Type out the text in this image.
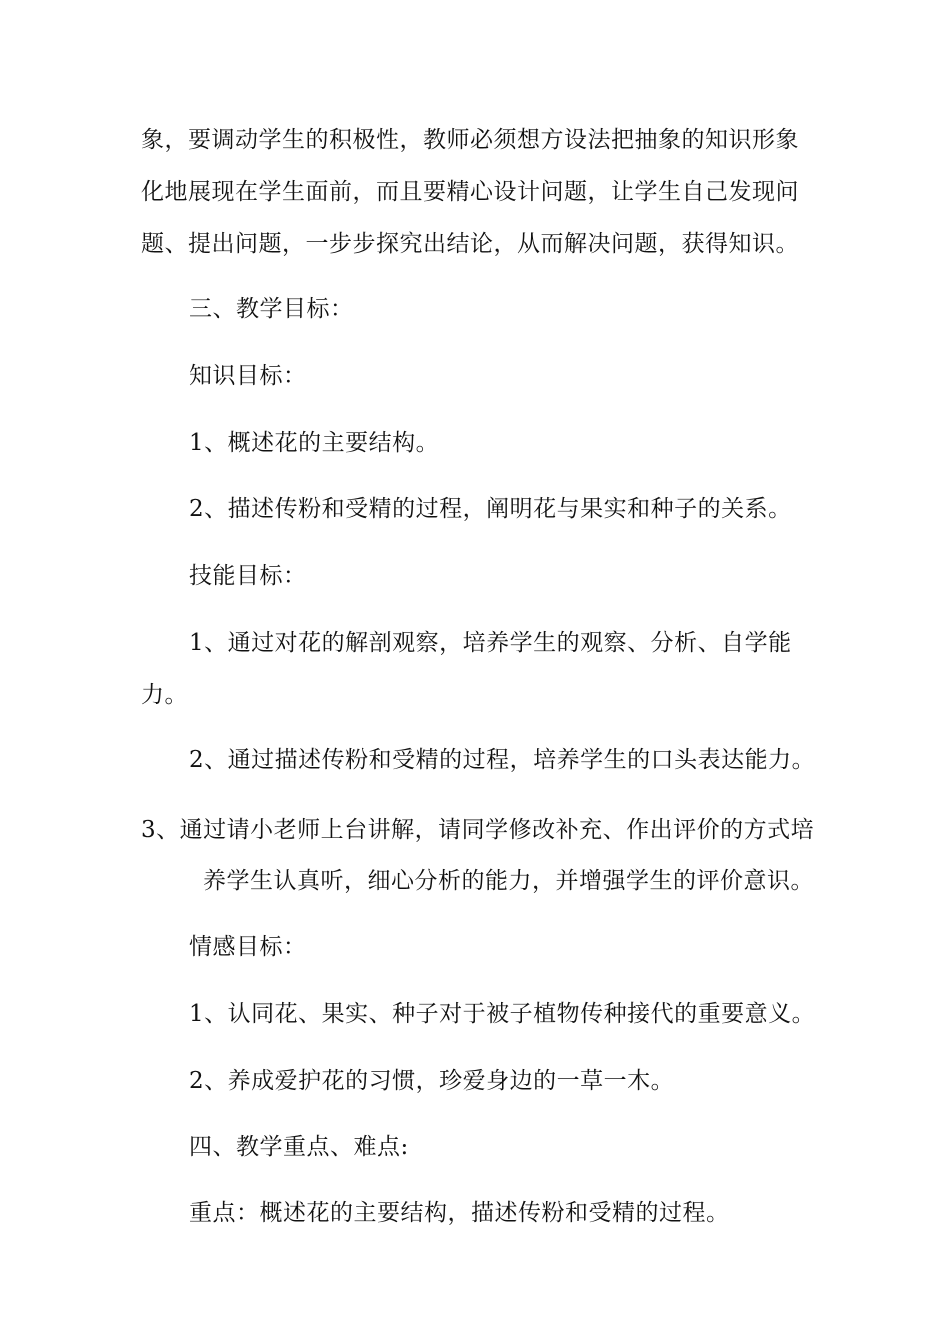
象，要调动学生的积极性，教师必须想方设法把抽象的知识形象
化地展现在学生面前，而且要精心设计问题，让学生自己发现问
题、提出问题，一步步探究出结论，从而解决问题，获得知识。
三、教学目标：
知识目标：
1、概述花的主要结构。
2、描述传粉和受精的过程，阐明花与果实和种子的关系。
技能目标：
1、通过对花的解剖观察，培养学生的观察、分析、自学能
力。
2、通过描述传粉和受精的过程，培养学生的口头表达能力。
3、通过请小老师上台讲解，请同学修改补充、作出评价的方式培
养学生认真听，细心分析的能力，并增强学生的评价意识。
情感目标：
1、认同花、果实、种子对于被子植物传种接代的重要意义。
2、养成爱护花的习惯，珍爱身边的一草一木。
四、教学重点、难点:
重点：概述花的主要结构，描述传粉和受精的过程。
